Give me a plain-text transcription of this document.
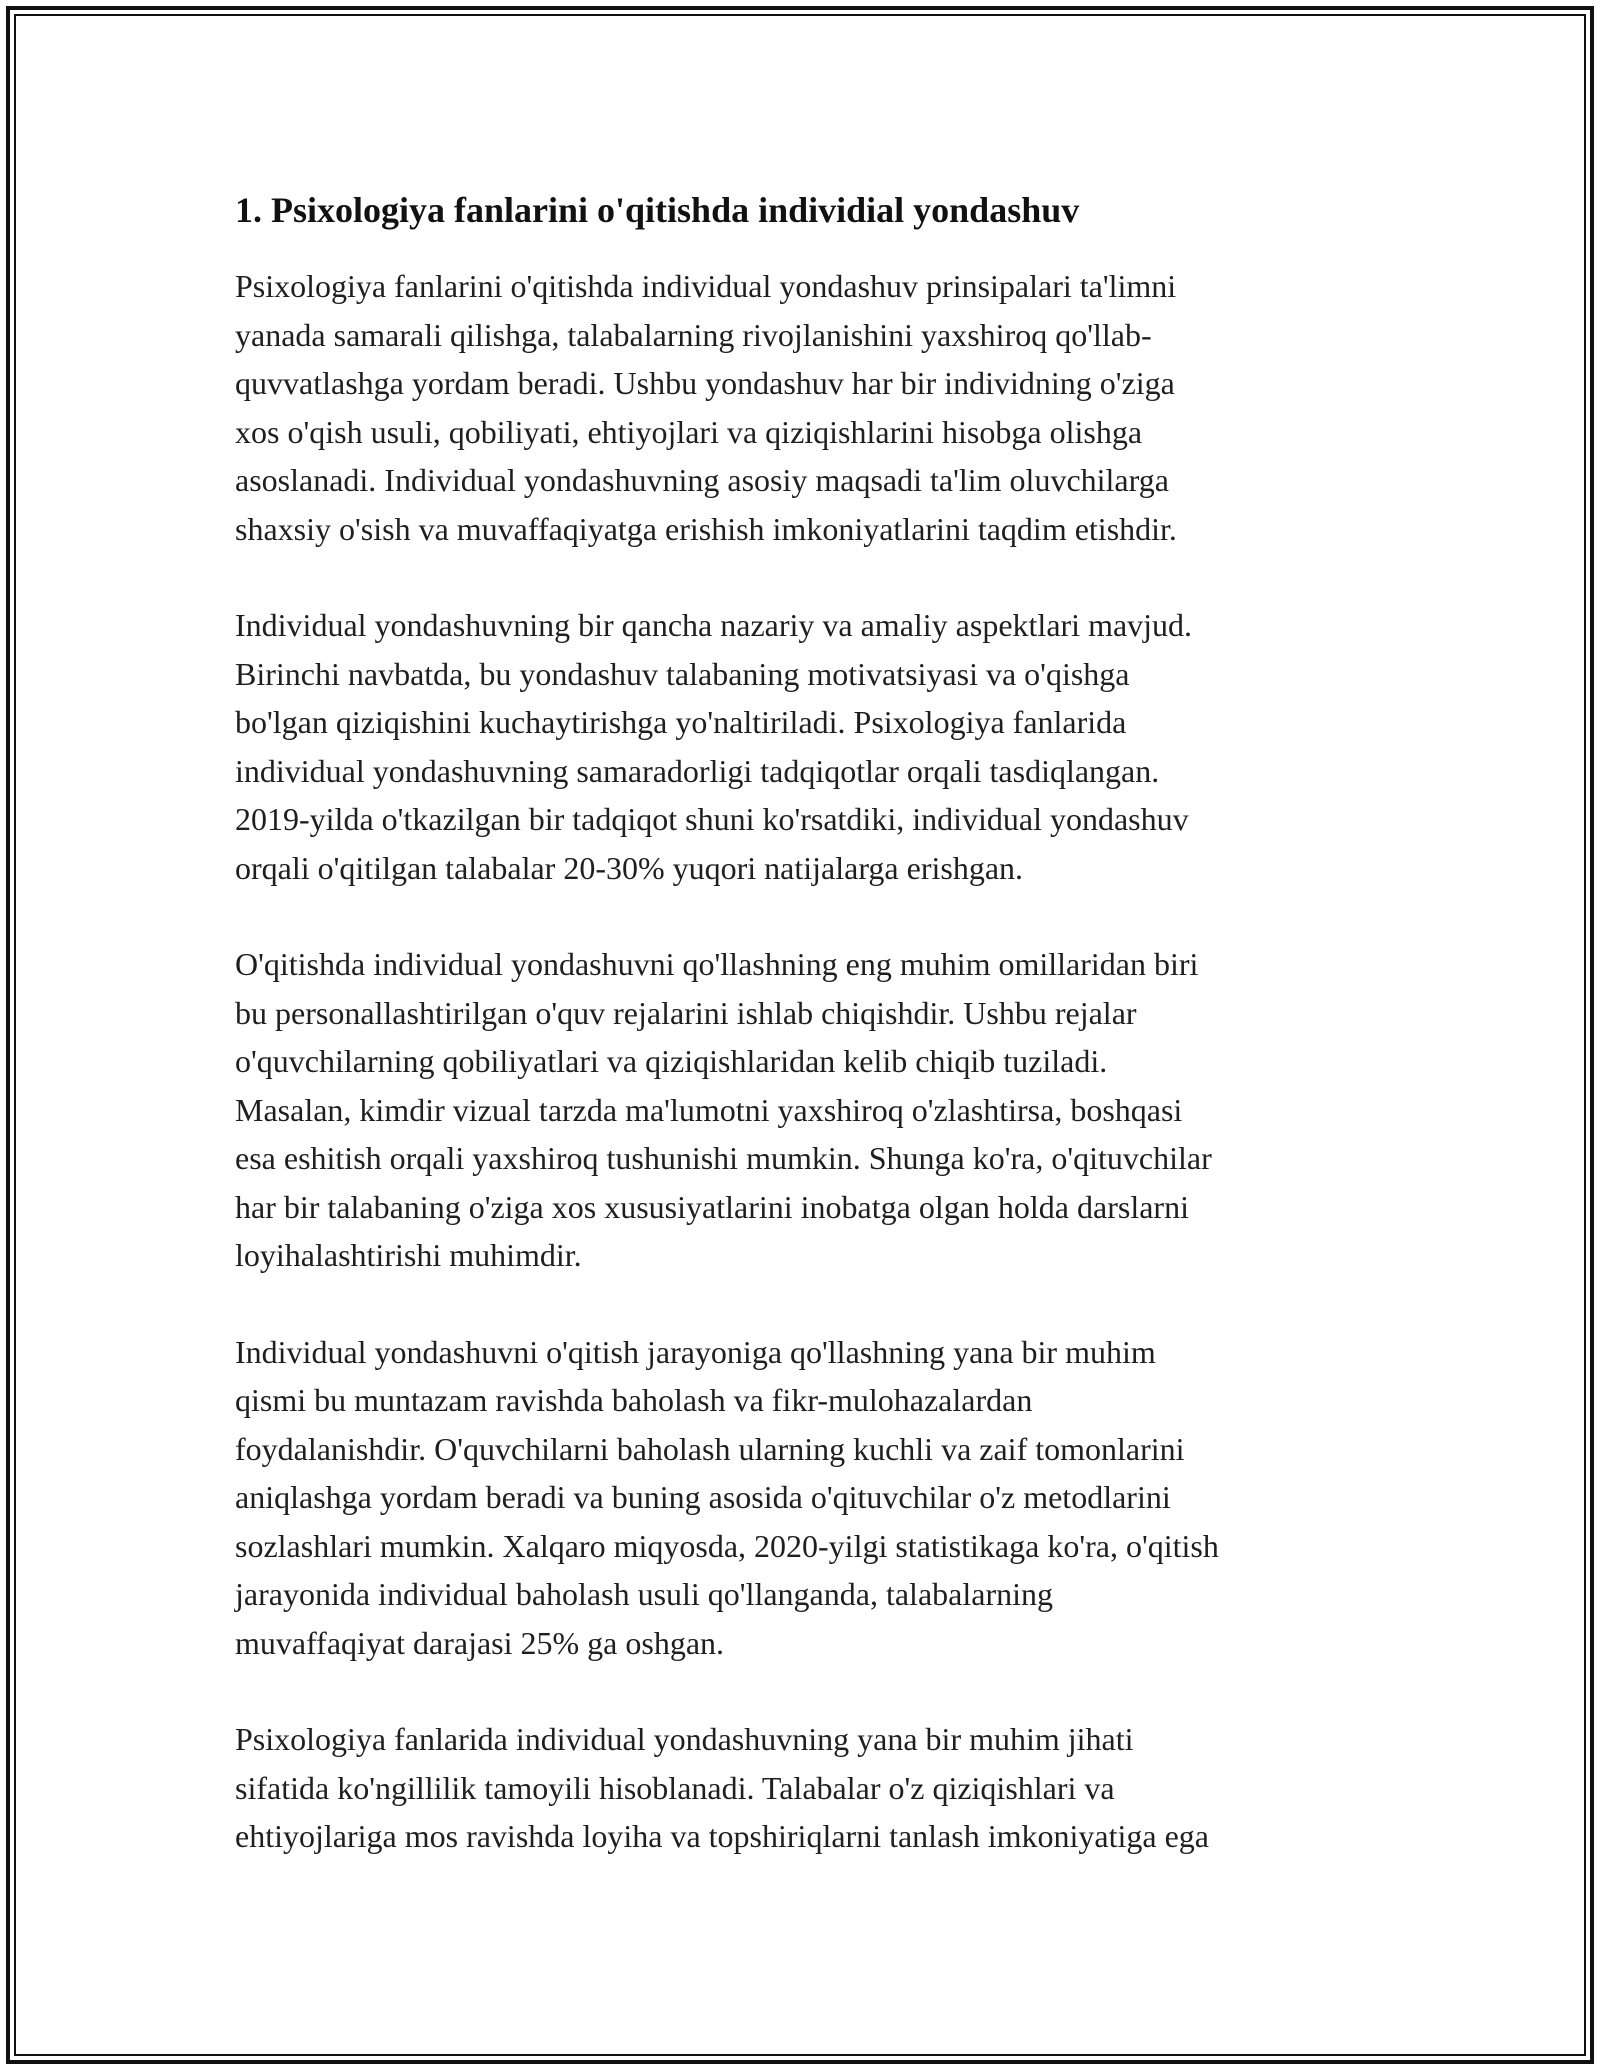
1. Psixologiya fanlarini o'qitishda individial yondashuv

Psixologiya fanlarini o'qitishda individual yondashuv prinsipalari ta'limni
yanada samarali qilishga, talabalarning rivojlanishini yaxshiroq qo'llab-
quvvatlashga yordam beradi. Ushbu yondashuv har bir individning o'ziga
xos o'qish usuli, qobiliyati, ehtiyojlari va qiziqishlarini hisobga olishga
asoslanadi. Individual yondashuvning asosiy maqsadi ta'lim oluvchilarga
shaxsiy o'sish va muvaffaqiyatga erishish imkoniyatlarini taqdim etishdir.

Individual yondashuvning bir qancha nazariy va amaliy aspektlari mavjud.
Birinchi navbatda, bu yondashuv talabaning motivatsiyasi va o'qishga
bo'lgan qiziqishini kuchaytirishga yo'naltiriladi. Psixologiya fanlarida
individual yondashuvning samaradorligi tadqiqotlar orqali tasdiqlangan.
2019-yilda o'tkazilgan bir tadqiqot shuni ko'rsatdiki, individual yondashuv
orqali o'qitilgan talabalar 20-30% yuqori natijalarga erishgan.

O'qitishda individual yondashuvni qo'llashning eng muhim omillaridan biri
bu personallashtirilgan o'quv rejalarini ishlab chiqishdir. Ushbu rejalar
o'quvchilarning qobiliyatlari va qiziqishlaridan kelib chiqib tuziladi.
Masalan, kimdir vizual tarzda ma'lumotni yaxshiroq o'zlashtirsa, boshqasi
esa eshitish orqali yaxshiroq tushunishi mumkin. Shunga ko'ra, o'qituvchilar
har bir talabaning o'ziga xos xususiyatlarini inobatga olgan holda darslarni
loyihalashtirishi muhimdir.

Individual yondashuvni o'qitish jarayoniga qo'llashning yana bir muhim
qismi bu muntazam ravishda baholash va fikr-mulohazalardan
foydalanishdir. O'quvchilarni baholash ularning kuchli va zaif tomonlarini
aniqlashga yordam beradi va buning asosida o'qituvchilar o'z metodlarini
sozlashlari mumkin. Xalqaro miqyosda, 2020-yilgi statistikaga ko'ra, o'qitish
jarayonida individual baholash usuli qo'llanganda, talabalarning
muvaffaqiyat darajasi 25% ga oshgan.

Psixologiya fanlarida individual yondashuvning yana bir muhim jihati
sifatida ko'ngillilik tamoyili hisoblanadi. Talabalar o'z qiziqishlari va
ehtiyojlariga mos ravishda loyiha va topshiriqlarni tanlash imkoniyatiga ega
